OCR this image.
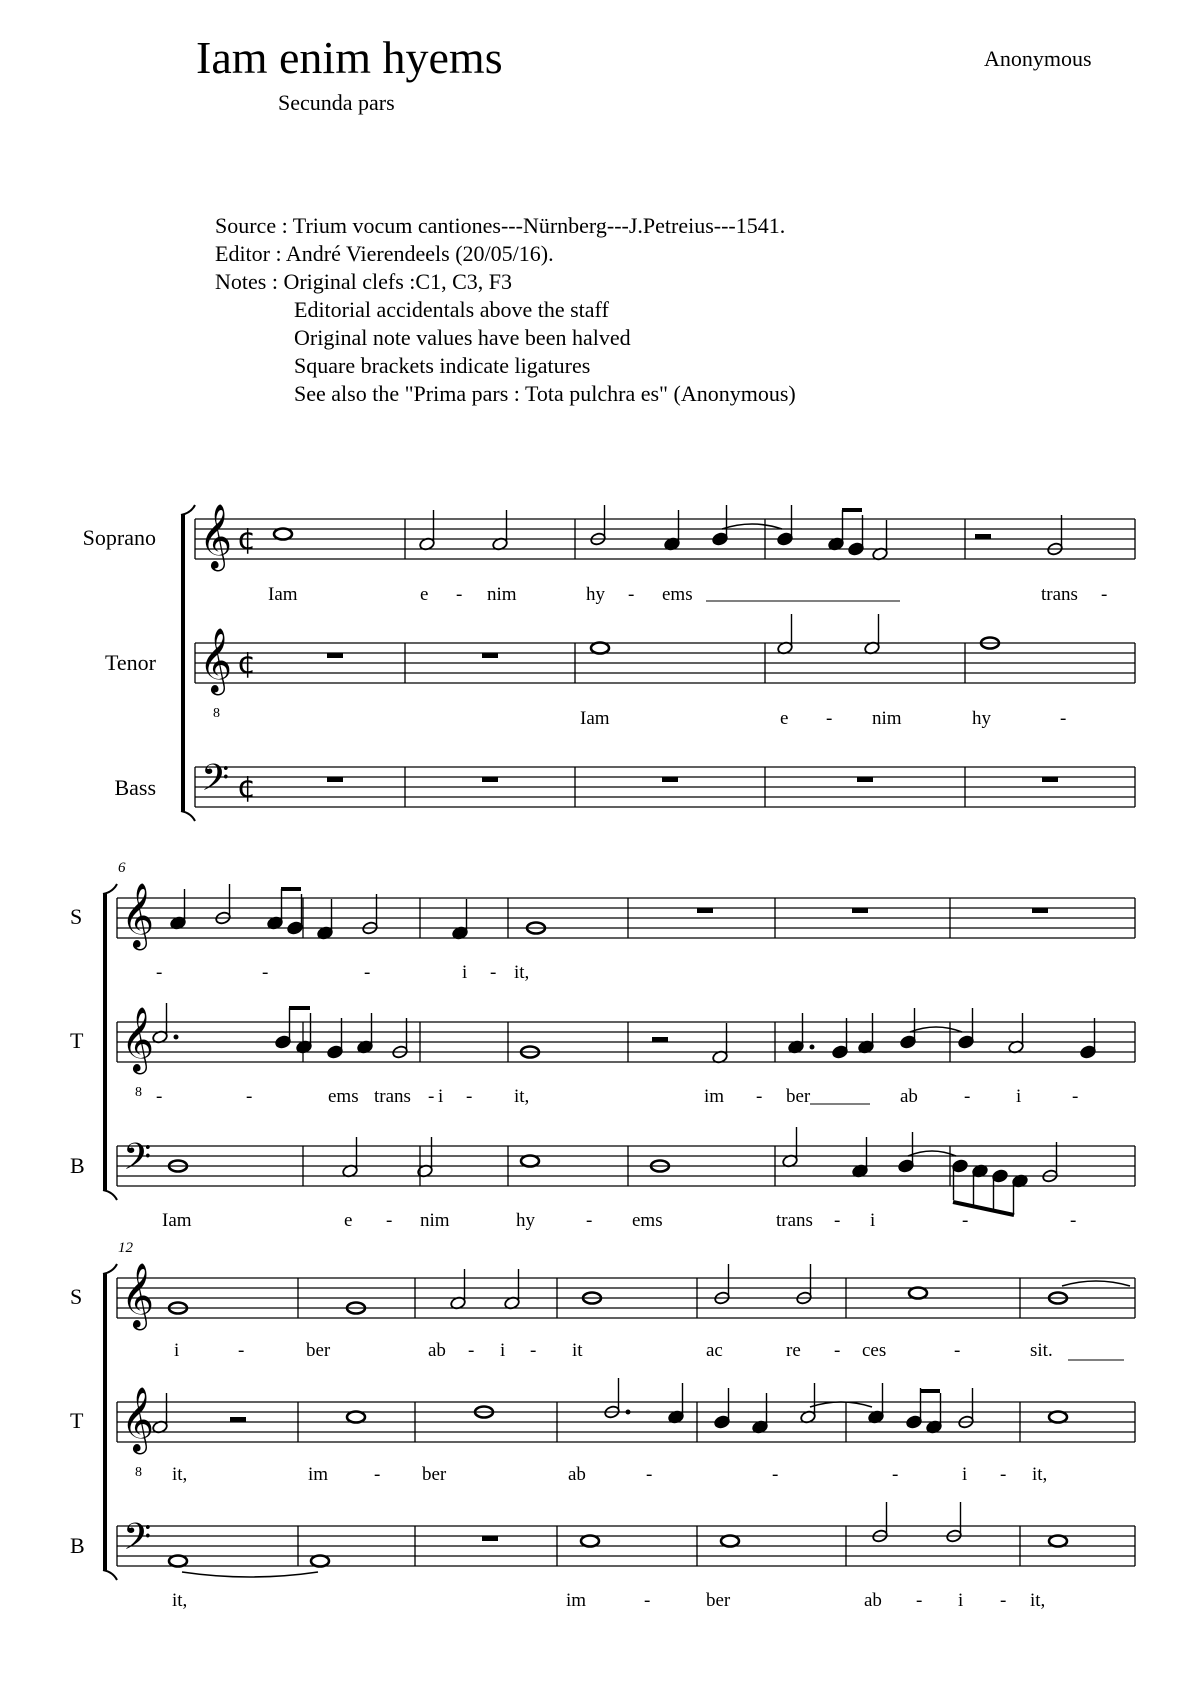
Iam enim hyems
Secunda pars
Anonymous
Source : Trium vocum cantiones---Nürnberg---J.Petreius---1541.
Editor : André Vierendeels (20/05/16).
Notes : Original clefs :C1, C3, F3
Editorial accidentals above the staff
Original note values have been halved
Square brackets indicate ligatures
See also the "Prima pars : Tota pulchra es" (Anonymous)
Soprano
Tenor
Bass
S
T
B
S
T
B
6
12
Iam	e - nim	hy - ems	trans -
Iam	e - nim	hy	-
-	-	-	i - it,
-	-	ems trans - i - it,	im - ber	ab - i	-
Iam	e - nim	hy	- ems	trans - i	-	-
i	-	ber	ab - i - it	ac	re - ces	-	sit.
it,	im - ber	ab	-	-	-	i - it,
it,	im	-	ber	ab - i - it,
𝄞 ¢
𝄞
8
¢
𝄢 ¢
𝄞
𝄞
8
𝄢
𝄞
𝄞
8
𝄢
